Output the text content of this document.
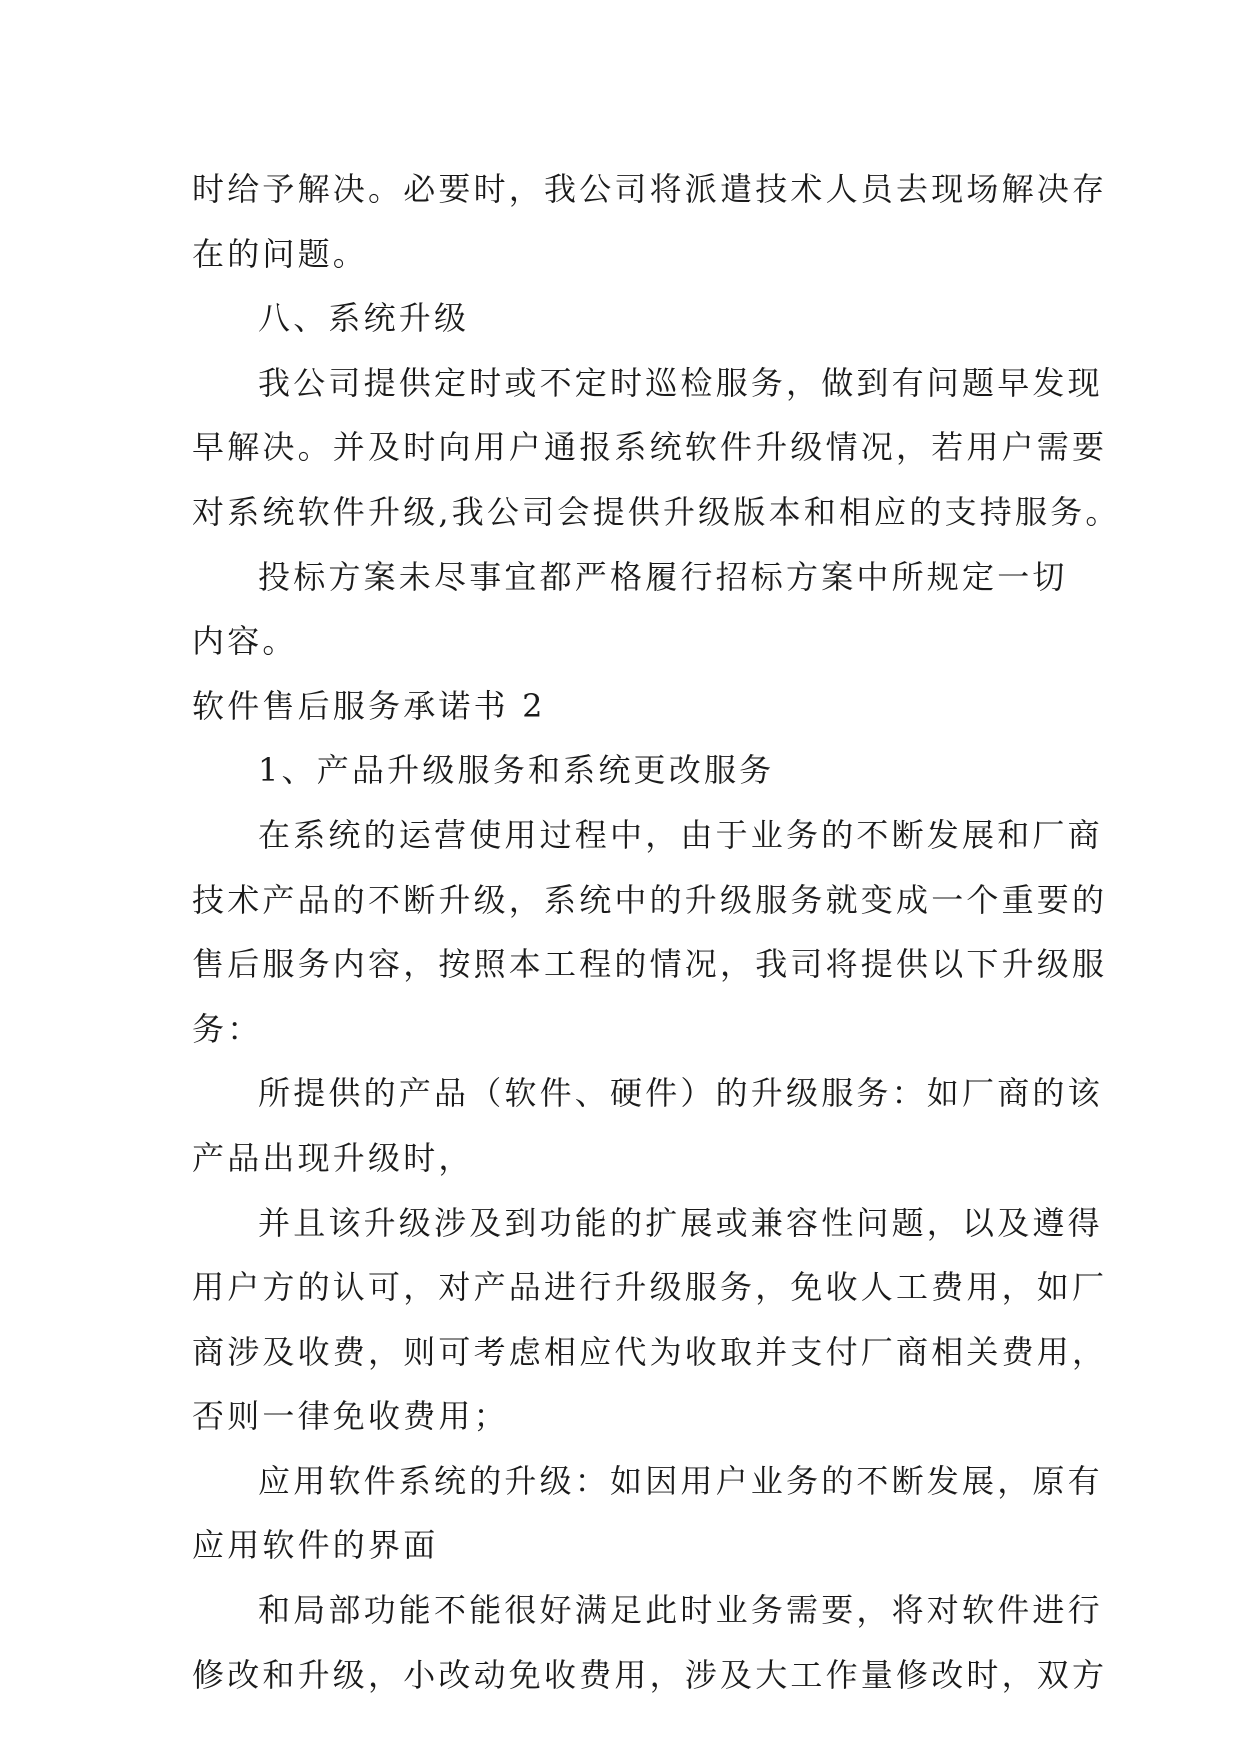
时给予解决。必要时，我公司将派遣技术人员去现场解决存
在的问题。
八、系统升级
我公司提供定时或不定时巡检服务，做到有问题早发现
早解决。并及时向用户通报系统软件升级情况，若用户需要
对系统软件升级,我公司会提供升级版本和相应的支持服务。
投标方案未尽事宜都严格履行招标方案中所规定一切
内容。
软件售后服务承诺书 2
1、产品升级服务和系统更改服务
在系统的运营使用过程中，由于业务的不断发展和厂商
技术产品的不断升级，系统中的升级服务就变成一个重要的
售后服务内容，按照本工程的情况，我司将提供以下升级服
务：
所提供的产品（软件、硬件）的升级服务：如厂商的该
产品出现升级时，
并且该升级涉及到功能的扩展或兼容性问题，以及遵得
用户方的认可，对产品进行升级服务，免收人工费用，如厂
商涉及收费，则可考虑相应代为收取并支付厂商相关费用，
否则一律免收费用；
应用软件系统的升级：如因用户业务的不断发展，原有
应用软件的界面
和局部功能不能很好满足此时业务需要，将对软件进行
修改和升级，小改动免收费用，涉及大工作量修改时，双方
